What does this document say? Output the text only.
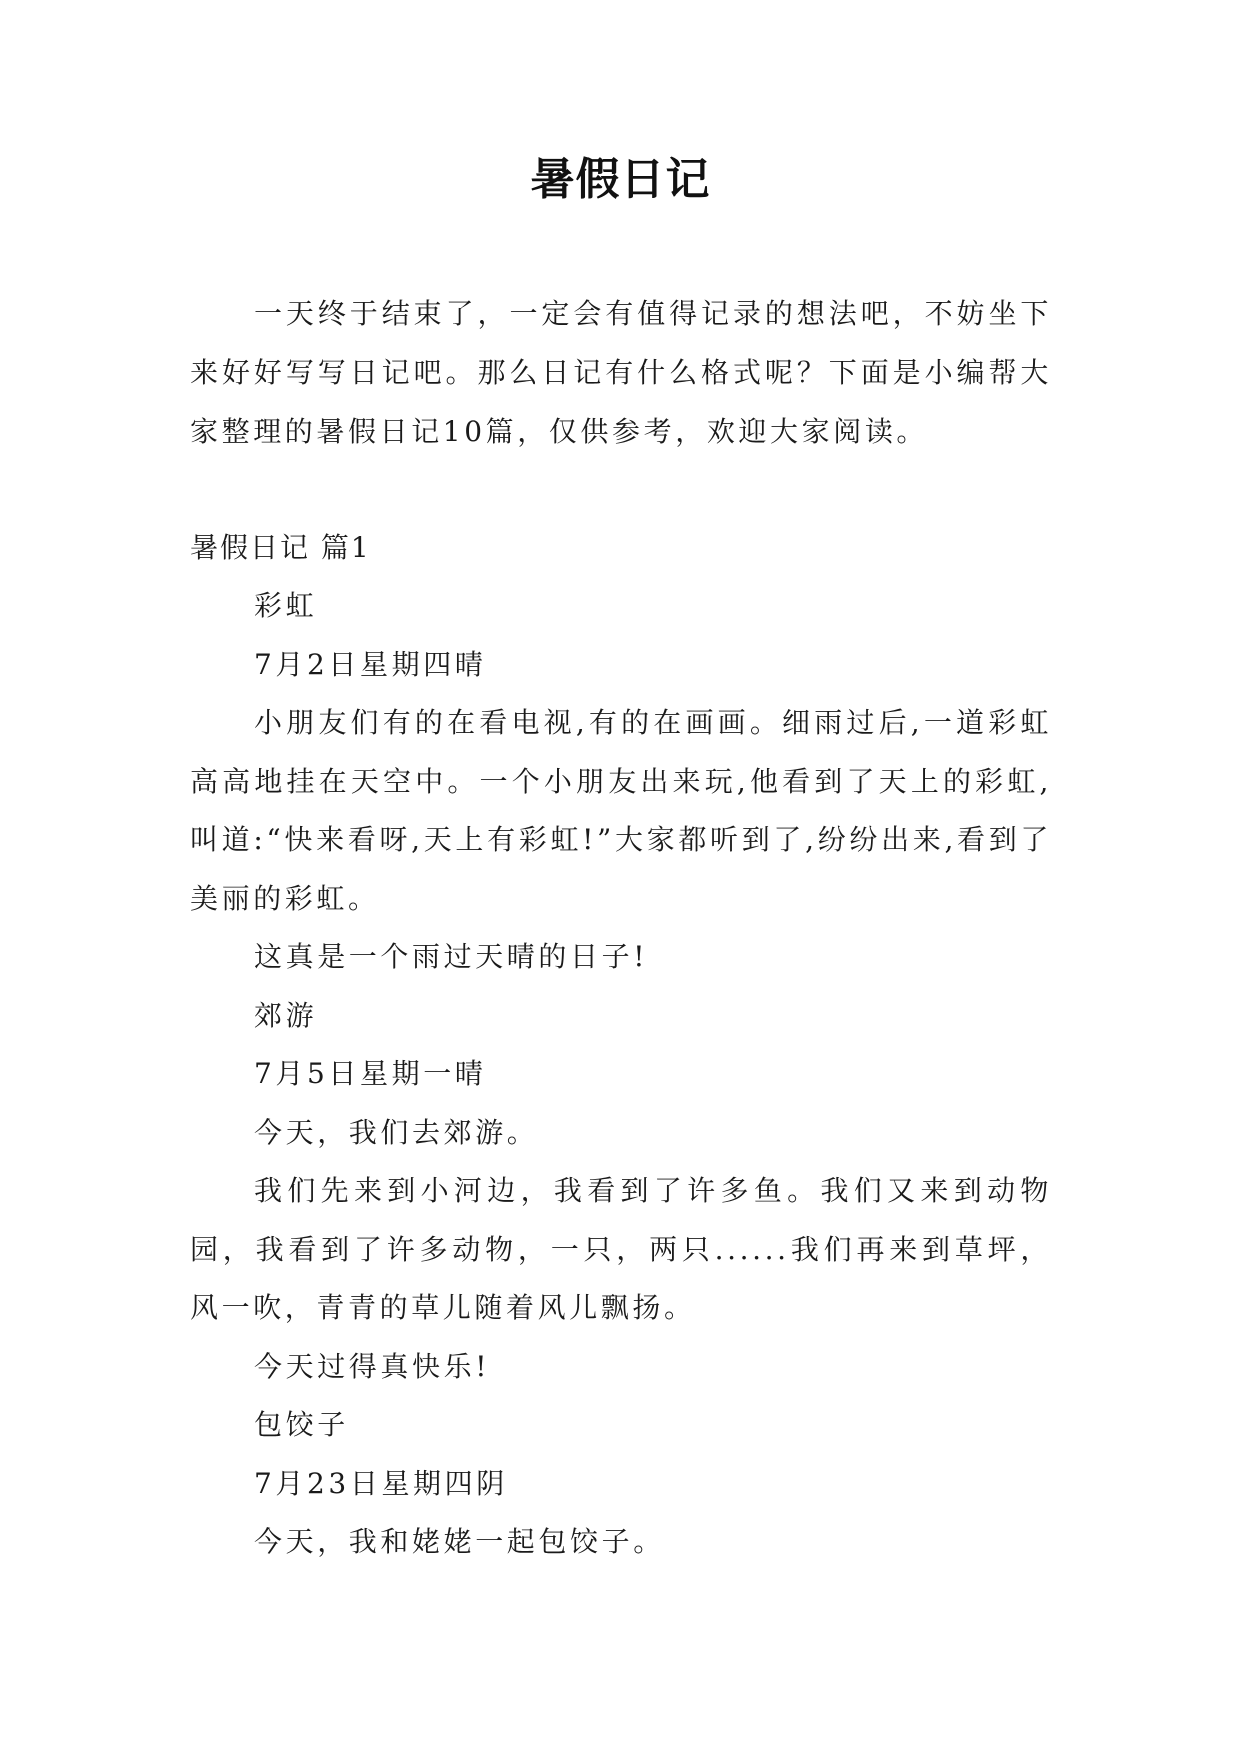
暑假日记

一天终于结束了，一定会有值得记录的想法吧，不妨坐下来好好写写日记吧。那么日记有什么格式呢？下面是小编帮大家整理的暑假日记10篇，仅供参考，欢迎大家阅读。

暑假日记 篇1

彩虹

7月2日星期四晴

小朋友们有的在看电视,有的在画画。细雨过后,一道彩虹高高地挂在天空中。一个小朋友出来玩,他看到了天上的彩虹,叫道:“快来看呀,天上有彩虹!”大家都听到了,纷纷出来,看到了美丽的彩虹。

这真是一个雨过天晴的日子!

郊游

7月5日星期一晴

今天，我们去郊游。

我们先来到小河边，我看到了许多鱼。我们又来到动物园，我看到了许多动物，一只，两只......我们再来到草坪，风一吹，青青的草儿随着风儿飘扬。

今天过得真快乐!

包饺子

7月23日星期四阴

今天，我和姥姥一起包饺子。
